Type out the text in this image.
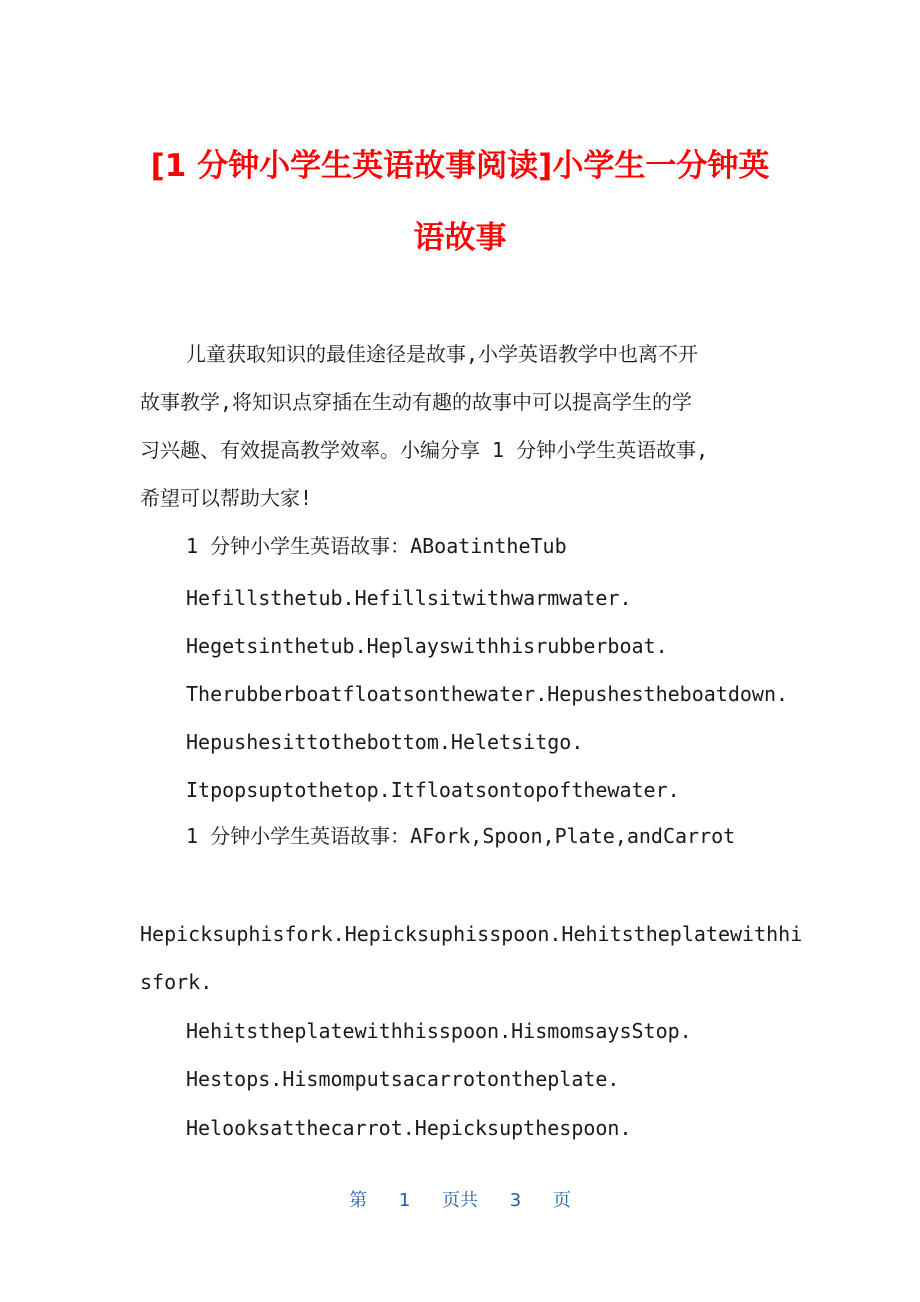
[1 分钟小学生英语故事阅读]小学生一分钟英
语故事
儿童获取知识的最佳途径是故事,小学英语教学中也离不开
故事教学,将知识点穿插在生动有趣的故事中可以提高学生的学
习兴趣、有效提高教学效率。小编分享 1 分钟小学生英语故事,
希望可以帮助大家!
1 分钟小学生英语故事：ABoatintheTub
Hefillsthetub.Hefillsitwithwarmwater.
Hegetsinthetub.Heplayswithhisrubberboat.
Therubberboatfloatsonthewater.Hepushestheboatdown.
Hepushesittothebottom.Heletsitgo.
Itpopsuptothetop.Itfloatsontopofthewater.
1 分钟小学生英语故事：AFork,Spoon,Plate,andCarrot
Hepicksuphisfork.Hepicksuphisspoon.Hehitstheplatewithhi
sfork.
Hehitstheplatewithhisspoon.HismomsaysStop.
Hestops.Hismomputsacarrotontheplate.
Helooksatthecarrot.Hepicksupthespoon.
第 1 页共 3 页
